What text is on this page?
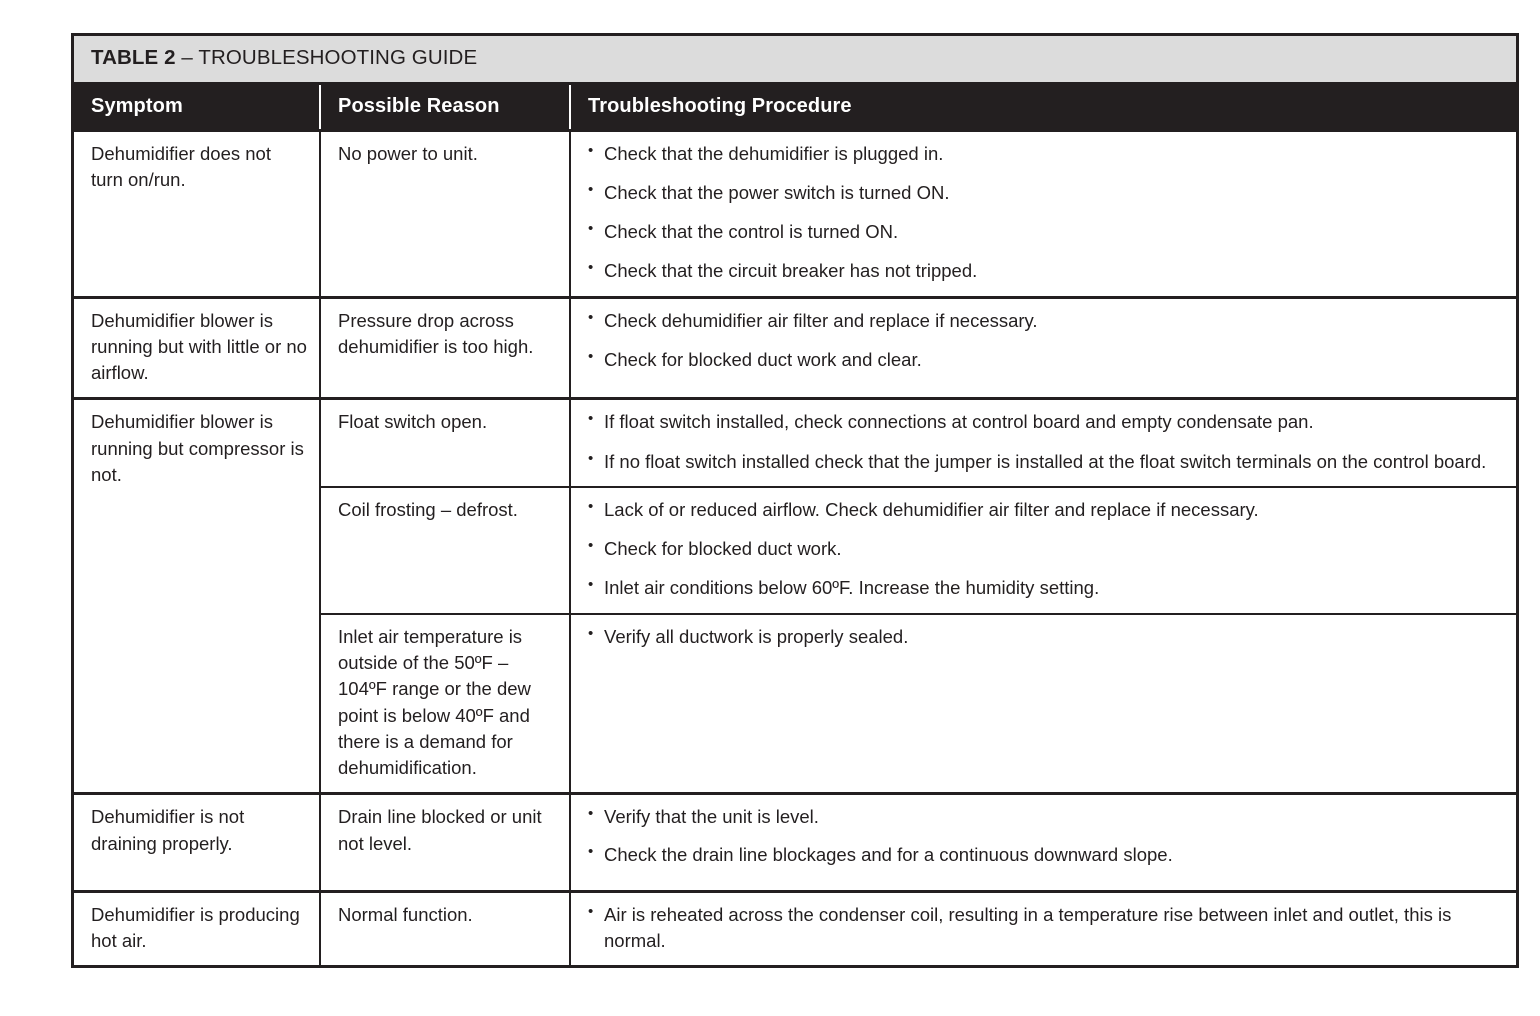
TABLE 2 – TROUBLESHOOTING GUIDE
Symptom	Possible Reason	Troubleshooting Procedure
Dehumidifier does not turn on/run.	No power to unit.	
•Check that the dehumidifier is plugged in.
• Check that the power switch is turned ON.
• Check that the control is turned ON.
• Check that the circuit breaker has not tripped.

Dehumidifier blower is running but with little or no airflow.	Pressure drop across dehumidifier is too high.	
• Check dehumidifier air filter and replace if necessary.
• Check for blocked duct work and clear.

Dehumidifier blower is running but compressor is not.	Float switch open.	
•If float switch installed, check connections at control board and empty condensate pan.
• If no float switch installed check that the jumper is installed at the float switch terminals on the control board.

Coil frosting – defrost.	
•Lack of or reduced airflow. Check dehumidifier air filter and replace if necessary.
• Check for blocked duct work.
• Inlet air conditions below 60ºF. Increase the humidity setting.

Inlet air temperature is outside of the 50ºF – 104ºF range or the dew point is below 40ºF and there is a demand for dehumidification.	
• Verify all ductwork is properly sealed.

Dehumidifier is not draining properly.	Drain line blocked or unit not level.	
• Verify that the unit is level.
• Check the drain line blockages and for a continuous downward slope.

Dehumidifier is producing hot air.	Normal function.	
•Air is reheated across the condenser coil, resulting in a temperature rise between inlet and outlet, this is normal.
